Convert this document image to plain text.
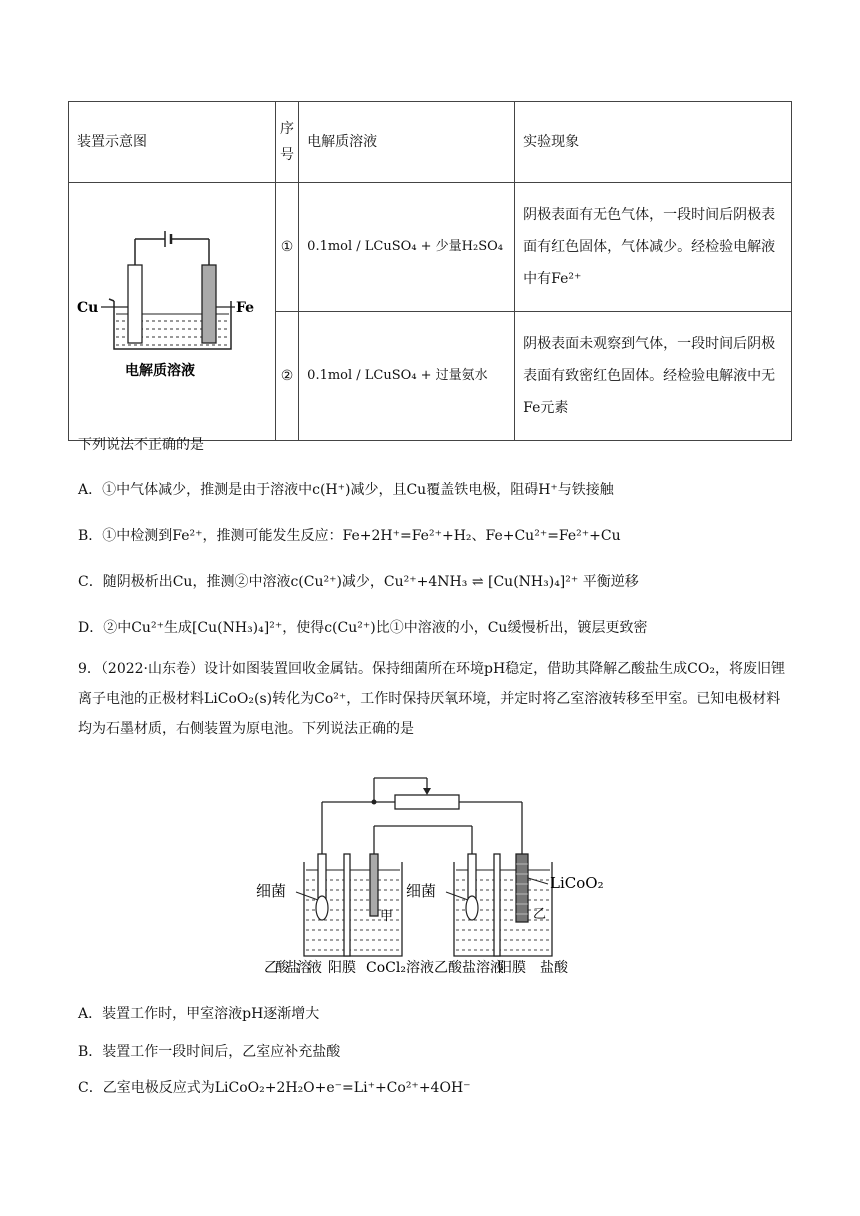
装置示意图	序号	电解质溶液	实验现象

Cu Fe
电解质溶液	①	0.1mol / LCuSO₄ + 少量H₂SO₄	阴极表面有无色气体，一段时间后阴极表面有红色固体，气体减少。经检验电解液中有Fe²⁺
	②	0.1mol / LCuSO₄ + 过量氨水	阴极表面未观察到气体，一段时间后阴极表面有致密红色固体。经检验电解液中无Fe元素
下列说法不正确的是
A．①中气体减少，推测是由于溶液中c(H⁺)减少，且Cu覆盖铁电极，阻碍H⁺与铁接触
B．①中检测到Fe²⁺，推测可能发生反应：Fe+2H⁺=Fe²⁺+H₂、Fe+Cu²⁺=Fe²⁺+Cu
C．随阴极析出Cu，推测②中溶液c(Cu²⁺)减少，Cu²⁺+4NH₃ ⇌ [Cu(NH₃)₄]²⁺ 平衡逆移
D．②中Cu²⁺生成[Cu(NH₃)₄]²⁺，使得c(Cu²⁺)比①中溶液的小，Cu缓慢析出，镀层更致密
9．（2022·山东卷）设计如图装置回收金属钴。保持细菌所在环境pH稳定，借助其降解乙酸盐生成CO₂，将废旧锂离子电池的正极材料LiCoO₂(s)转化为Co²⁺，工作时保持厌氧环境，并定时将乙室溶液转移至甲室。已知电极材料均为石墨材质，右侧装置为原电池。下列说法正确的是
细菌	细菌	LiCoO₂
甲	乙
乙酸盐溶液 阳膜 CoCl₂溶液 乙酸盐溶液
阳膜 盐酸
A．装置工作时，甲室溶液pH逐渐增大
B．装置工作一段时间后，乙室应补充盐酸
C．乙室电极反应式为LiCoO₂+2H₂O+e⁻=Li⁺+Co²⁺+4OH⁻
